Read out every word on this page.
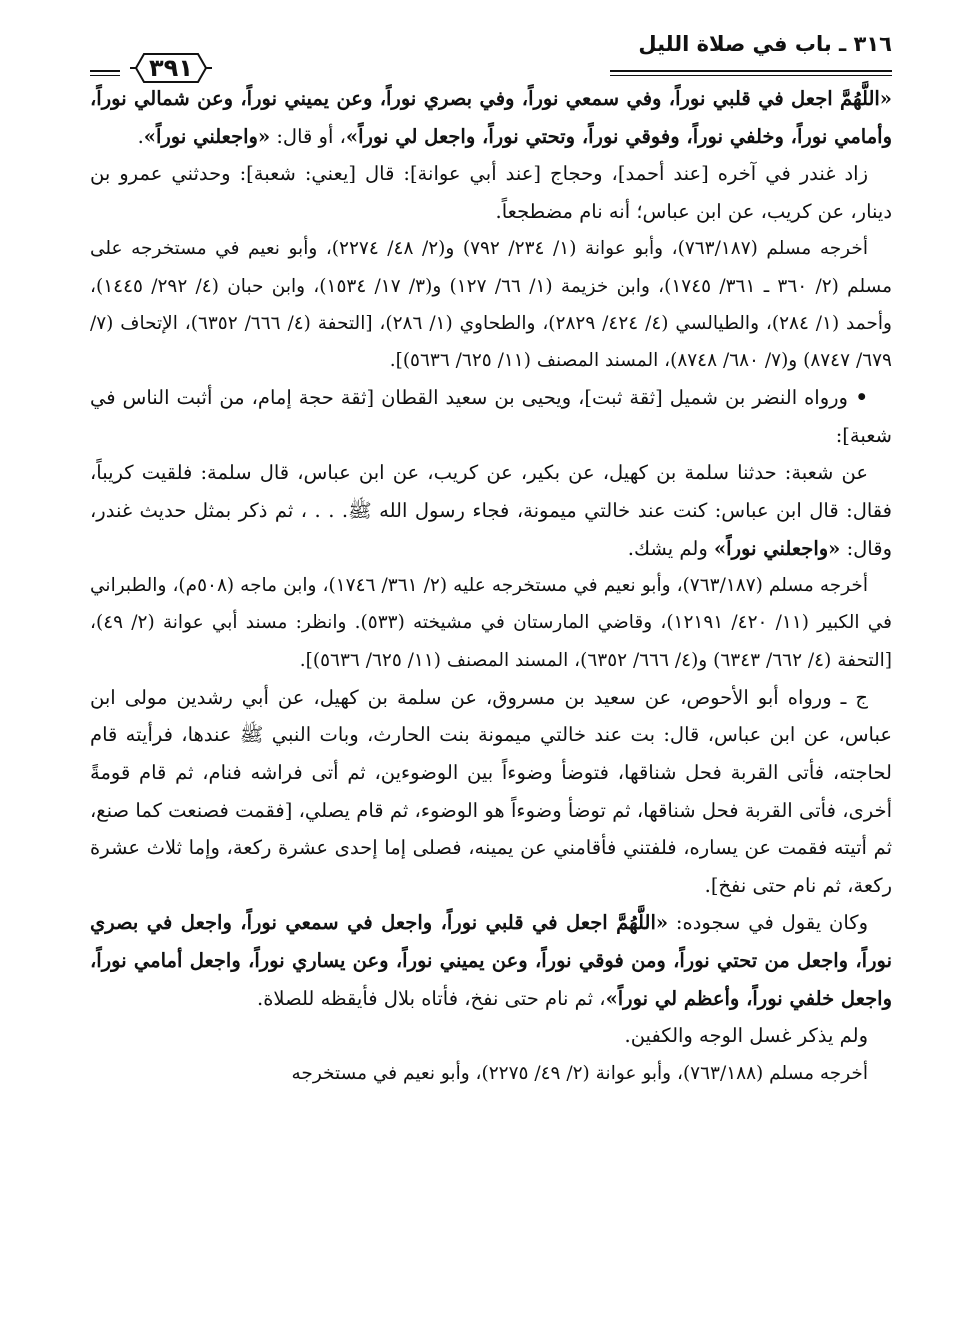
٣١٦ ـ باب في صلاة الليل
٣٩١

«اللَّهُمَّ اجعل في قلبي نوراً، وفي سمعي نوراً، وفي بصري نوراً، وعن يميني نوراً، وعن شمالي نوراً، وأمامي نوراً، وخلفي نوراً، وفوقي نوراً، وتحتي نوراً، واجعل لي نوراً»، أو قال: «واجعلني نوراً».

زاد غندر في آخره [عند أحمد]، وحجاج [عند أبي عوانة]: قال [يعني: شعبة]: وحدثني عمرو بن دينار، عن كريب، عن ابن عباس؛ أنه نام مضطجعاً.

أخرجه مسلم (٧٦٣/١٨٧)، وأبو عوانة (١/ ٢٣٤/ ٧٩٢) و(٢/ ٤٨/ ٢٢٧٤)، وأبو نعيم في مستخرجه على مسلم (٢/ ٣٦٠ ـ ٣٦١/ ١٧٤٥)، وابن خزيمة (١/ ٦٦/ ١٢٧) و(٣/ ١٧/ ١٥٣٤)، وابن حبان (٤/ ٢٩٢/ ١٤٤٥)، وأحمد (١/ ٢٨٤)، والطيالسي (٤/ ٤٢٤/ ٢٨٢٩)، والطحاوي (١/ ٢٨٦)، [التحفة (٤/ ٦٦٦/ ٦٣٥٢)، الإتحاف (٧/ ٦٧٩/ ٨٧٤٧) و(٧/ ٦٨٠/ ٨٧٤٨)، المسند المصنف (١١/ ٦٢٥/ ٥٦٣٦)].

• ورواه النضر بن شميل [ثقة ثبت]، ويحيى بن سعيد القطان [ثقة حجة إمام، من أثبت الناس في شعبة]:

عن شعبة: حدثنا سلمة بن كهيل، عن بكير، عن كريب، عن ابن عباس، قال سلمة: فلقيت كريباً، فقال: قال ابن عباس: كنت عند خالتي ميمونة، فجاء رسول الله ﷺ. . . ، ثم ذكر بمثل حديث غندر، وقال: «واجعلني نوراً» ولم يشك.

أخرجه مسلم (٧٦٣/١٨٧)، وأبو نعيم في مستخرجه عليه (٢/ ٣٦١/ ١٧٤٦)، وابن ماجه (٥٠٨م)، والطبراني في الكبير (١١/ ٤٢٠/ ١٢١٩١)، وقاضي المارستان في مشيخته (٥٣٣). وانظر: مسند أبي عوانة (٢/ ٤٩)، [التحفة (٤/ ٦٦٢/ ٦٣٤٣) و(٤/ ٦٦٦/ ٦٣٥٢)، المسند المصنف (١١/ ٦٢٥/ ٥٦٣٦)].

ج ـ ورواه أبو الأحوص، عن سعيد بن مسروق، عن سلمة بن كهيل، عن أبي رشدين مولى ابن عباس، عن ابن عباس، قال: بت عند خالتي ميمونة بنت الحارث، وبات النبي ﷺ عندها، فرأيته قام لحاجته، فأتى القربة فحل شناقها، فتوضأ وضوءاً بين الوضوءين، ثم أتى فراشه فنام، ثم قام قومةً أخرى، فأتى القربة فحل شناقها، ثم توضأ وضوءاً هو الوضوء، ثم قام يصلي، [فقمت فصنعت كما صنع، ثم أتيته فقمت عن يساره، فلفتني فأقامني عن يمينه، فصلى إما إحدى عشرة ركعة، وإما ثلاث عشرة ركعة، ثم نام حتى نفخ].

وكان يقول في سجوده: «اللَّهُمَّ اجعل في قلبي نوراً، واجعل في سمعي نوراً، واجعل في بصري نوراً، واجعل من تحتي نوراً، ومن فوقي نوراً، وعن يميني نوراً، وعن يساري نوراً، واجعل أمامي نوراً، واجعل خلفي نوراً، وأعظم لي نوراً»، ثم نام حتى نفخ، فأتاه بلال فأيقظه للصلاة.

ولم يذكر غسل الوجه والكفين.

أخرجه مسلم (٧٦٣/١٨٨)، وأبو عوانة (٢/ ٤٩/ ٢٢٧٥)، وأبو نعيم في مستخرجه
